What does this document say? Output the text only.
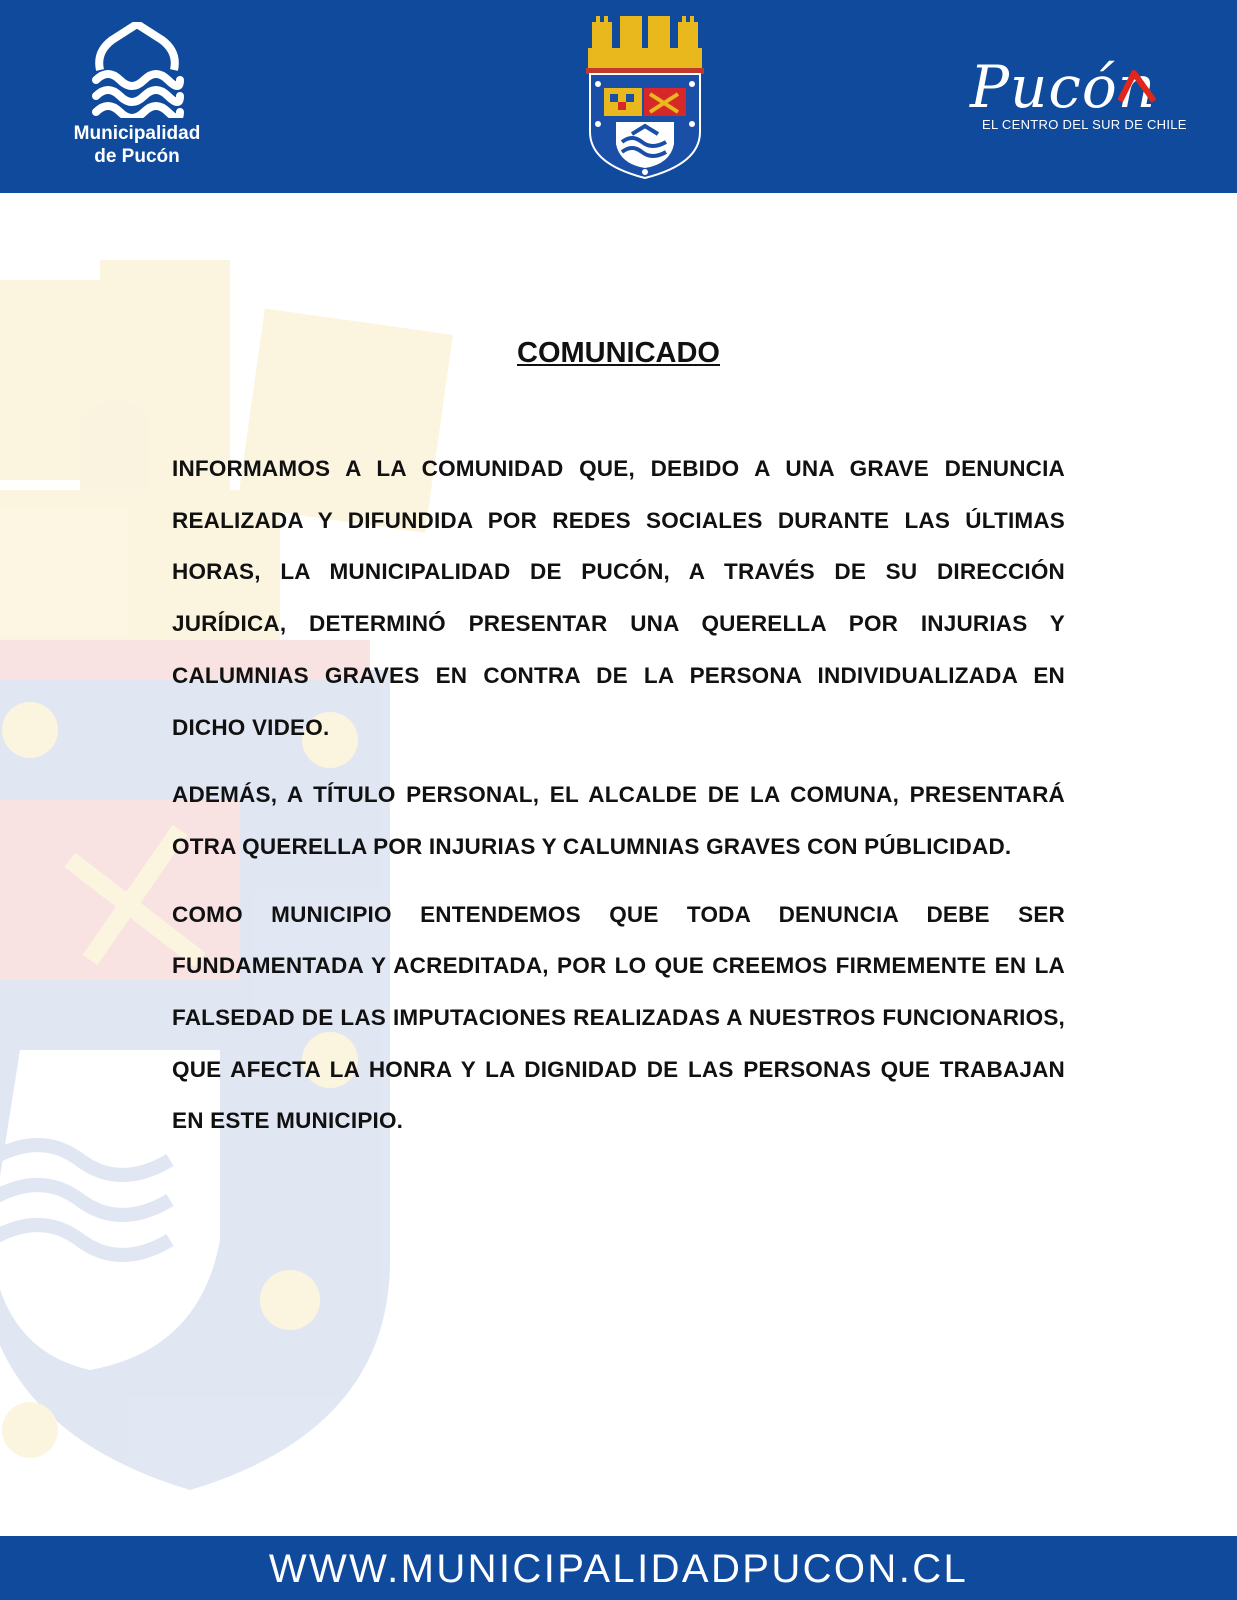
Municipalidad
de Pucón
Pucón
EL CENTRO DEL SUR DE CHILE
COMUNICADO

INFORMAMOS A LA COMUNIDAD QUE, DEBIDO A UNA GRAVE DENUNCIA REALIZADA Y DIFUNDIDA POR REDES SOCIALES DURANTE LAS ÚLTIMAS HORAS, LA MUNICIPALIDAD DE PUCÓN, A TRAVÉS DE SU DIRECCIÓN JURÍDICA, DETERMINÓ PRESENTAR UNA QUERELLA POR INJURIAS Y CALUMNIAS GRAVES EN CONTRA DE LA PERSONA INDIVIDUALIZADA EN DICHO VIDEO.

ADEMÁS, A TÍTULO PERSONAL, EL ALCALDE DE LA COMUNA, PRESENTARÁ OTRA QUERELLA POR INJURIAS Y CALUMNIAS GRAVES CON PÚBLICIDAD.

COMO MUNICIPIO ENTENDEMOS QUE TODA DENUNCIA DEBE SER FUNDAMENTADA Y ACREDITADA, POR LO QUE CREEMOS FIRMEMENTE EN LA FALSEDAD DE LAS IMPUTACIONES REALIZADAS A NUESTROS FUNCIONARIOS, QUE AFECTA LA HONRA Y LA DIGNIDAD DE LAS PERSONAS QUE TRABAJAN EN ESTE MUNICIPIO.

WWW.MUNICIPALIDADPUCON.CL
